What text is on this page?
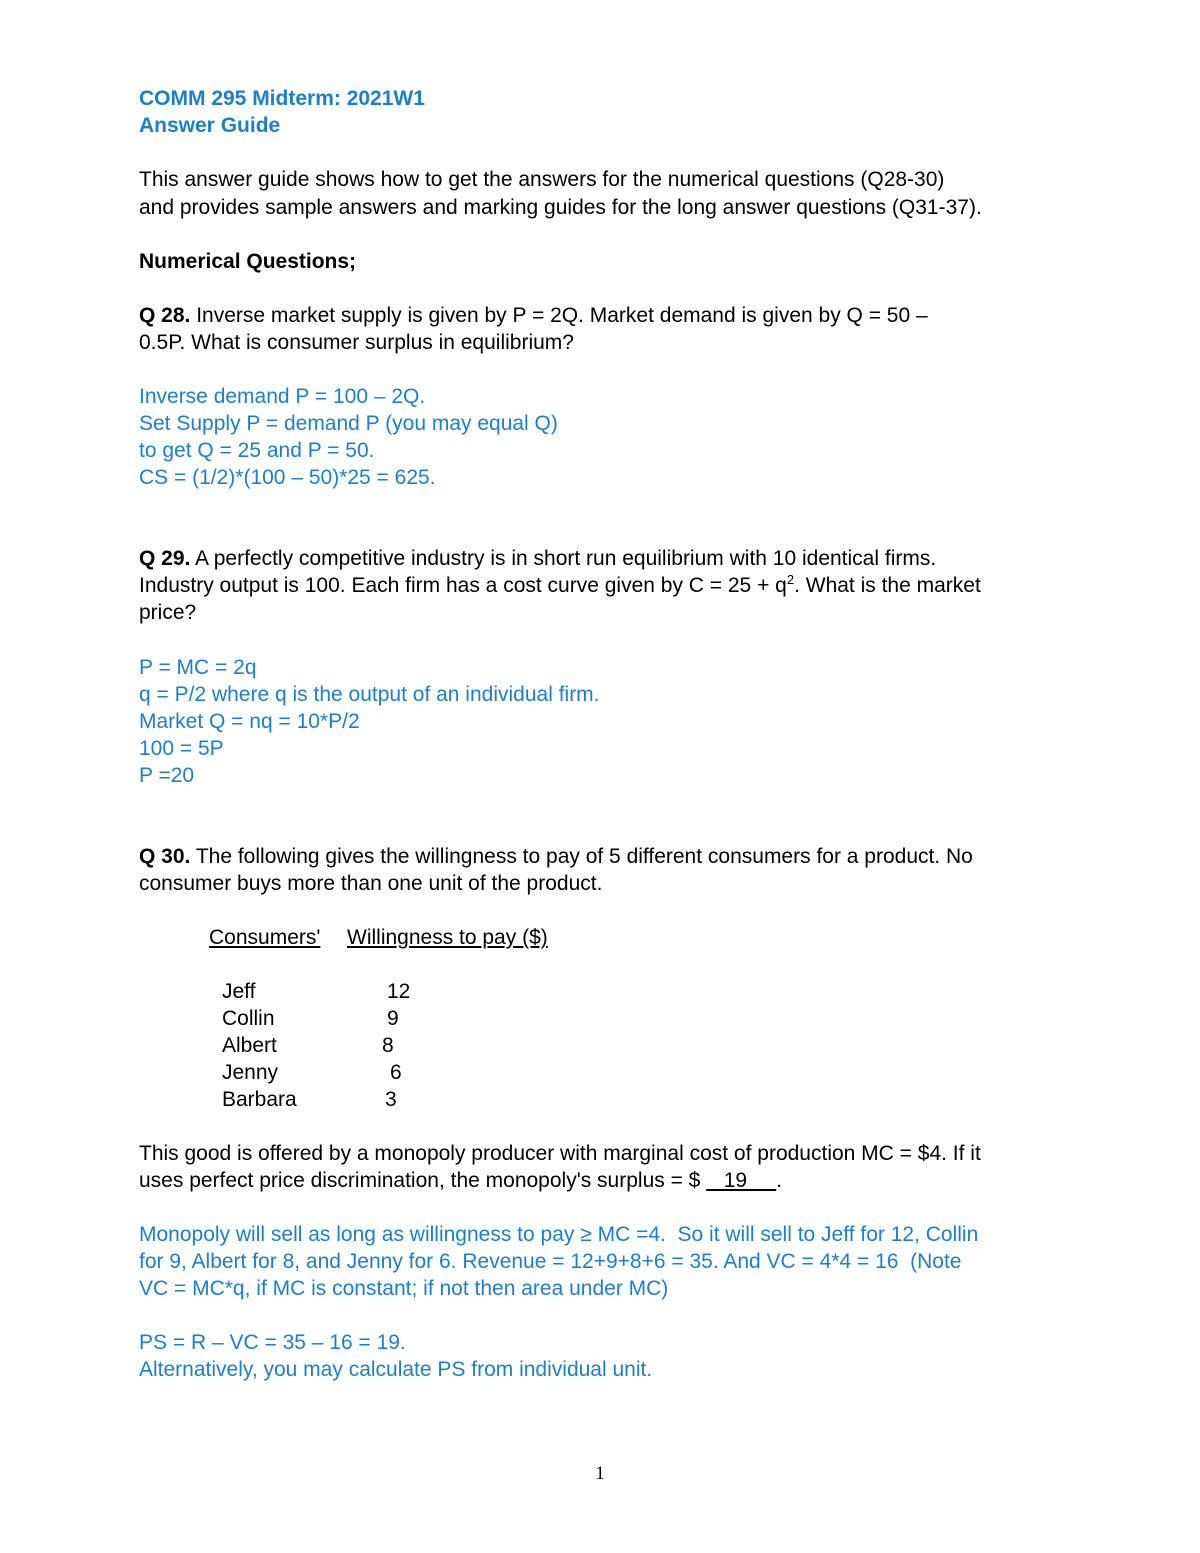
COMM 295 Midterm: 2021W1
Answer Guide
This answer guide shows how to get the answers for the numerical questions (Q28-30)
and provides sample answers and marking guides for the long answer questions (Q31-37).
Numerical Questions;
Q 28. Inverse market supply is given by P = 2Q. Market demand is given by Q = 50 –
0.5P. What is consumer surplus in equilibrium?
Inverse demand P = 100 – 2Q.
Set Supply P = demand P (you may equal Q)
to get Q = 25 and P = 50.
CS = (1/2)*(100 – 50)*25 = 625.
Q 29. A perfectly competitive industry is in short run equilibrium with 10 identical firms.
Industry output is 100. Each firm has a cost curve given by $C = 25 + q^2$. What is the market
price?
P = MC = 2q
q = P/2 where q is the output of an individual firm.
Market Q = nq = 10*P/2
100 = 5P
P =20
Q 30. The following gives the willingness to pay of 5 different consumers for a product. No
consumer buys more than one unit of the product.
Consumers' Willingness to pay ($)
Jeff	12
Collin	9
Albert	8
Jenny	6
Barbara	3
This good is offered by a monopoly producer with marginal cost of production MC = $4. If it
uses perfect price discrimination, the monopoly's surplus = $    19     .
Monopoly will sell as long as willingness to pay ≥ MC =4.  So it will sell to Jeff for 12, Collin
for 9, Albert for 8, and Jenny for 6. Revenue = 12+9+8+6 = 35. And VC = 4*4 = 16  (Note
VC = MC*q, if MC is constant; if not then area under MC)
PS = R – VC = 35 – 16 = 19.
Alternatively, you may calculate PS from individual unit.
1
